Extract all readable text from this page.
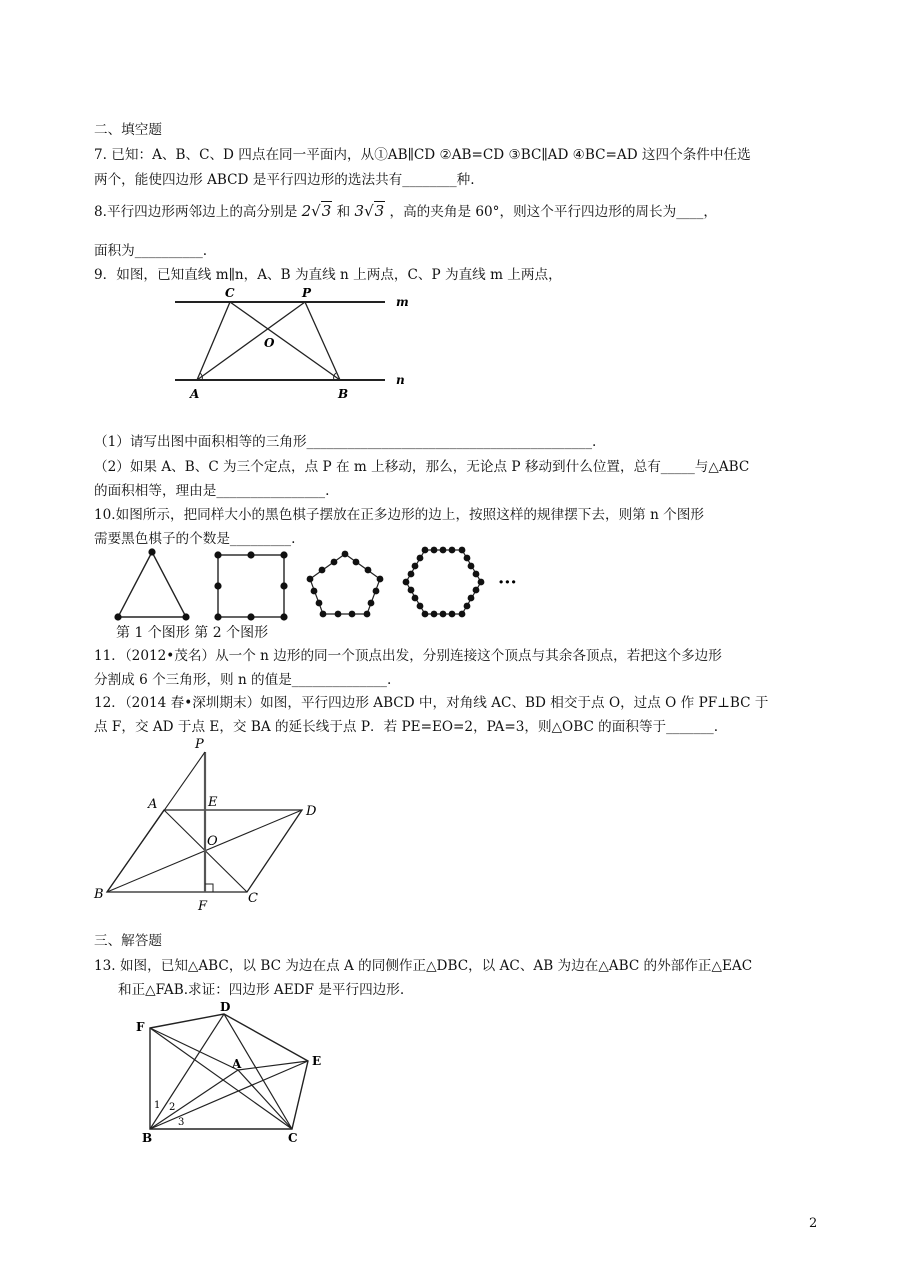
二、填空题
7. 已知：A、B、C、D 四点在同一平面内，从①AB∥CD ②AB=CD ③BC∥AD ④BC=AD 这四个条件中任选
两个，能使四边形 ABCD 是平行四边形的选法共有________种.
8.平行四边形两邻边上的高分别是 2√3 和 3√3 ，高的夹角是 60°，则这个平行四边形的周长为____，
面积为__________.
9．如图，已知直线 m∥n，A、B 为直线 n 上两点，C、P 为直线 m 上两点，
C	P
m
O
A	B
n
（1）请写出图中面积相等的三角形__________________________________________.
（2）如果 A、B、C 为三个定点，点 P 在 m 上移动，那么，无论点 P 移动到什么位置，总有_____与△ABC
的面积相等，理由是________________.
10.如图所示，把同样大小的黑色棋子摆放在正多边形的边上，按照这样的规律摆下去，则第 n 个图形
需要黑色棋子的个数是_________.
···
第 1 个图形 第 2 个图形
11．（2012•茂名）从一个 n 边形的同一个顶点出发，分别连接这个顶点与其余各顶点，若把这个多边形
分割成 6 个三角形，则 n 的值是______________.
12．（2014 春•深圳期末）如图，平行四边形 ABCD 中，对角线 AC、BD 相交于点 O，过点 O 作 PF⊥BC 于
点 F，交 AD 于点 E，交 BA 的延长线于点 P．若 PE=EO=2，PA=3，则△OBC 的面积等于_______.
P
A	E
D
O
B
F
C
三、解答题
13. 如图，已知△ABC，以 BC 为边在点 A 的同侧作正△DBC，以 AC、AB 为边在△ABC 的外部作正△EAC
和正△FAB.求证：四边形 AEDF 是平行四边形.
D
F
E
A
B	C
1 2
3
2
